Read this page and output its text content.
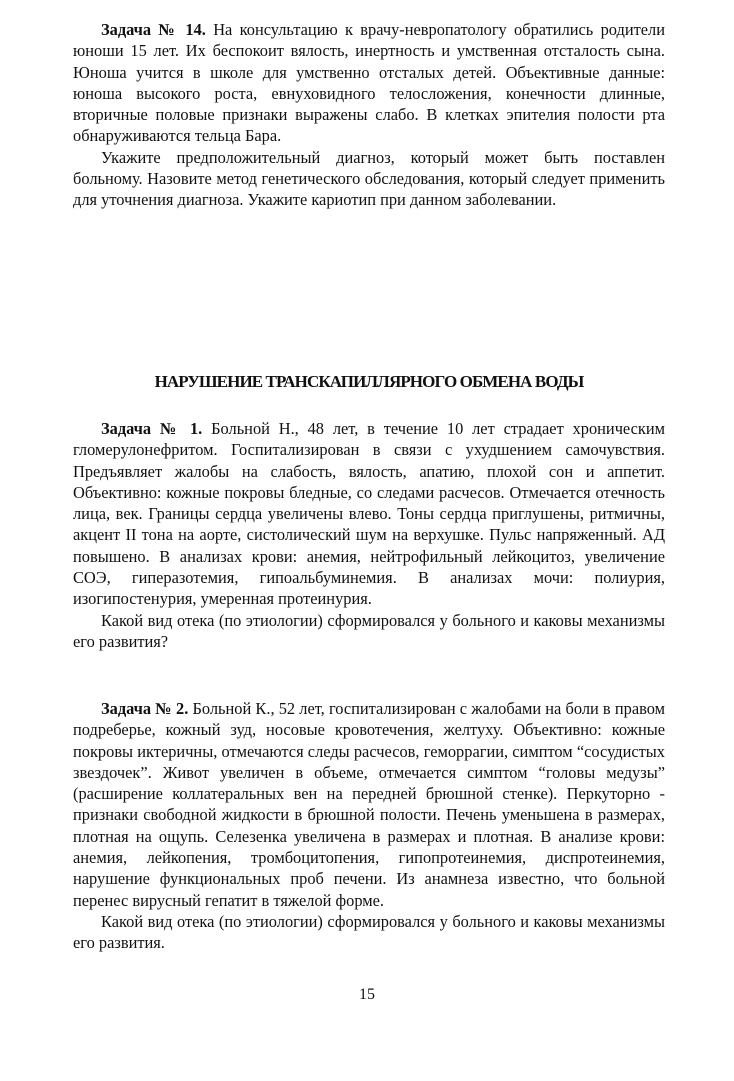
Задача № 14. На консультацию к врачу-невропатологу обратились родители юноши 15 лет. Их беспокоит вялость, инертность и умственная отсталость сына. Юноша учится в школе для умственно отсталых детей. Объективные данные: юноша высокого роста, евнуховидного телосложения, конечности длинные, вторичные половые признаки выражены слабо. В клетках эпителия полости рта обнаруживаются тельца Бара.

Укажите предположительный диагноз, который может быть поставлен больному. Назовите метод генетического обследования, который следует применить для уточнения диагноза. Укажите кариотип при данном заболевании.

НАРУШЕНИЕ ТРАНСКАПИЛЛЯРНОГО ОБМЕНА ВОДЫ

Задача № 1. Больной Н., 48 лет, в течение 10 лет страдает хроническим гломерулонефритом. Госпитализирован в связи с ухудшением самочувствия. Предъявляет жалобы на слабость, вялость, апатию, плохой сон и аппетит. Объективно: кожные покровы бледные, со следами расчесов. Отмечается отечность лица, век. Границы сердца увеличены влево. Тоны сердца приглушены, ритмичны, акцент II тона на аорте, систолический шум на верхушке. Пульс напряженный. АД повышено. В анализах крови: анемия, нейтрофильный лейкоцитоз, увеличение СОЭ, гиперазотемия, гипоальбуминемия. В анализах мочи: полиурия, изогипостенурия, умеренная протеинурия.

Какой вид отека (по этиологии) сформировался у больного и каковы механизмы его развития?

Задача № 2. Больной К., 52 лет, госпитализирован с жалобами на боли в правом подреберье, кожный зуд, носовые кровотечения, желтуху. Объективно: кожные покровы иктеричны, отмечаются следы расчесов, геморрагии, симптом “сосудистых звездочек”. Живот увеличен в объеме, отмечается симптом “головы медузы” (расширение коллатеральных вен на передней брюшной стенке). Перкуторно - признаки свободной жидкости в брюшной полости. Печень уменьшена в размерах, плотная на ощупь. Селезенка увеличена в размерах и плотная. В анализе крови: анемия, лейкопения, тромбоцитопения, гипопротеинемия, диспротеинемия, нарушение функциональных проб печени. Из анамнеза известно, что больной перенес вирусный гепатит в тяжелой форме.

Какой вид отека (по этиологии) сформировался у больного и каковы механизмы его развития.

15
